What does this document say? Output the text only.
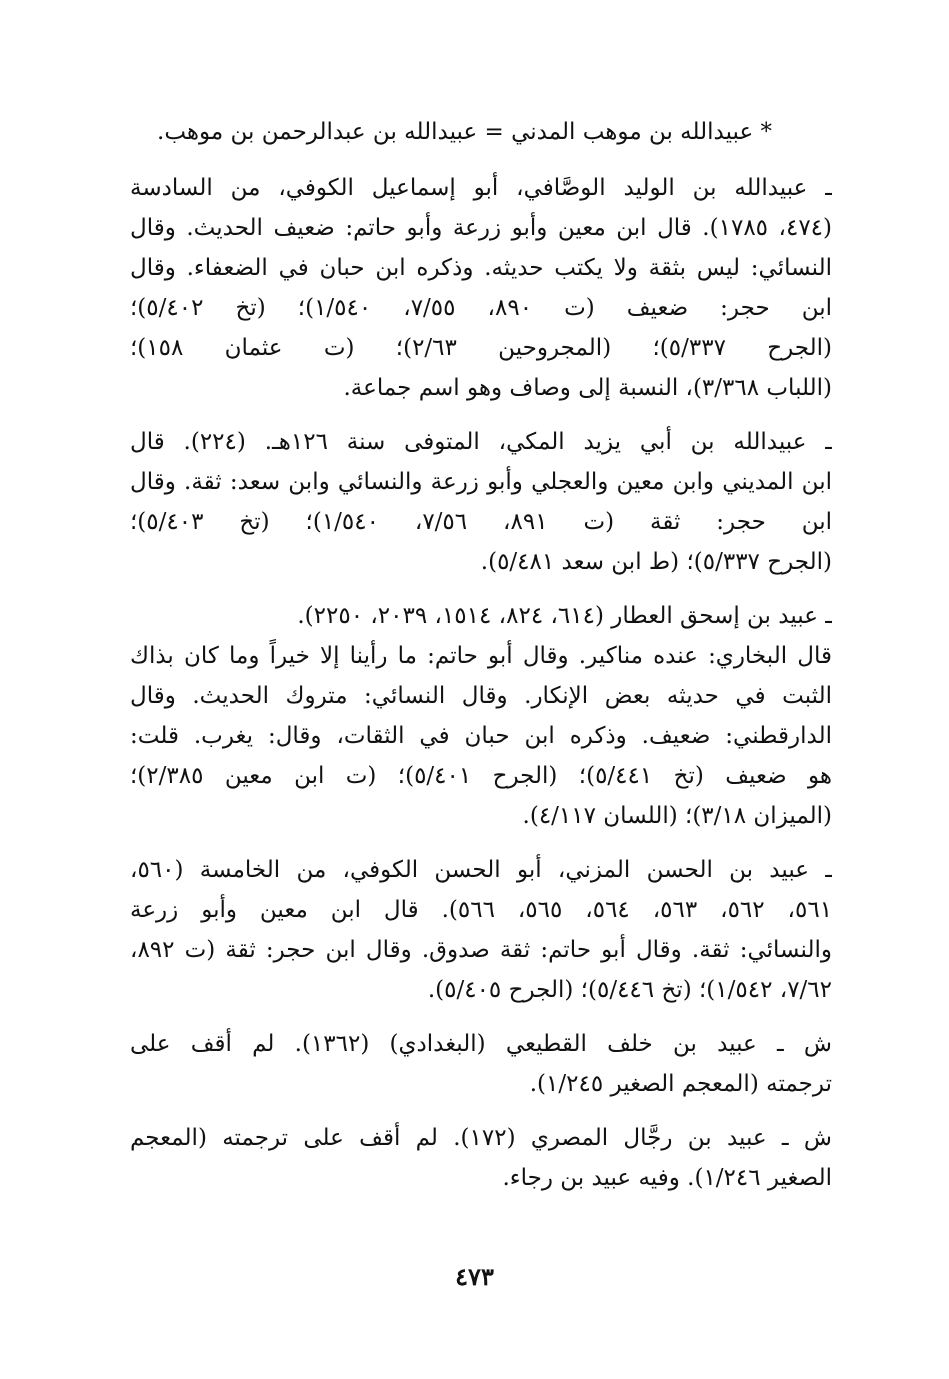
* عبيدالله بن موهب المدني = عبيدالله بن عبدالرحمن بن موهب.
ـ عبيدالله بن الوليد الوصَّافي، أبو إسماعيل الكوفي، من السادسة
(٤٧٤، ١٧٨٥). قال ابن معين وأبو زرعة وأبو حاتم: ضعيف الحديث. وقال
النسائي: ليس بثقة ولا يكتب حديثه. وذكره ابن حبان في الضعفاء. وقال
ابن حجر: ضعيف (ت ٨٩٠، ٧/٥٥، ١/٥٤٠)؛ (تخ ٥/٤٠٢)؛
(الجرح ٥/٣٣٧)؛ (المجروحين ٢/٦٣)؛ (ت عثمان ١٥٨)؛
(اللباب ٣/٣٦٨)، النسبة إلى وصاف وهو اسم جماعة.
ـ عبيدالله بن أبي يزيد المكي، المتوفى سنة ١٢٦هـ. (٢٢٤). قال
ابن المديني وابن معين والعجلي وأبو زرعة والنسائي وابن سعد: ثقة. وقال
ابن حجر: ثقة (ت ٨٩١، ٧/٥٦، ١/٥٤٠)؛ (تخ ٥/٤٠٣)؛
(الجرح ٥/٣٣٧)؛ (ط ابن سعد ٥/٤٨١).
ـ عبيد بن إسحق العطار (٦١٤، ٨٢٤، ١٥١٤، ٢٠٣٩، ٢٢٥٠).
قال البخاري: عنده مناكير. وقال أبو حاتم: ما رأينا إلا خيراً وما كان بذاك
الثبت في حديثه بعض الإنكار. وقال النسائي: متروك الحديث. وقال
الدارقطني: ضعيف. وذكره ابن حبان في الثقات، وقال: يغرب. قلت:
هو ضعيف (تخ ٥/٤٤١)؛ (الجرح ٥/٤٠١)؛ (ت ابن معين ٢/٣٨٥)؛
(الميزان ٣/١٨)؛ (اللسان ٤/١١٧).
ـ عبيد بن الحسن المزني، أبو الحسن الكوفي، من الخامسة (٥٦٠،
٥٦١، ٥٦٢، ٥٦٣، ٥٦٤، ٥٦٥، ٥٦٦). قال ابن معين وأبو زرعة
والنسائي: ثقة. وقال أبو حاتم: ثقة صدوق. وقال ابن حجر: ثقة (ت ٨٩٢،
٧/٦٢، ١/٥٤٢)؛ (تخ ٥/٤٤٦)؛ (الجرح ٥/٤٠٥).
ش ـ عبيد بن خلف القطيعي (البغدادي) (١٣٦٢). لم أقف على
ترجمته (المعجم الصغير ١/٢٤٥).
ش ـ عبيد بن رجَّال المصري (١٧٢). لم أقف على ترجمته (المعجم
الصغير ١/٢٤٦). وفيه عبيد بن رجاء.
٤٧٣
